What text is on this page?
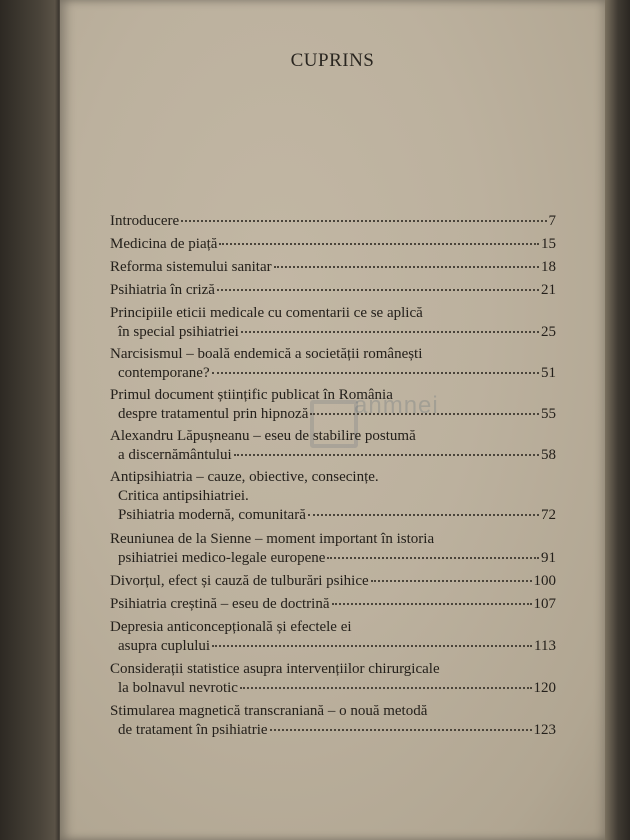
CUPRINS
anmnei
Introducere	7
Medicina de piață	15
Reforma sistemului sanitar	18
Psihiatria în criză	21
Principiile eticii medicale cu comentarii ce se aplică
în special psihiatriei	25
Narcisismul – boală endemică a societății românești
contemporane?	51
Primul document științific publicat în România
despre tratamentul prin hipnoză	55
Alexandru Lăpușneanu – eseu de stabilire postumă
a discernământului	58
Antipsihiatria – cauze, obiective, consecințe.
Critica antipsihiatriei.
Psihiatria modernă, comunitară	72
Reuniunea de la Sienne – moment important în istoria
psihiatriei medico-legale europene	91
Divorțul, efect și cauză de tulburări psihice	100
Psihiatria creștină – eseu de doctrină	107
Depresia anticoncepțională și efectele ei
asupra cuplului	113
Considerații statistice asupra intervențiilor chirurgicale
la bolnavul nevrotic	120
Stimularea magnetică transcraniană – o nouă metodă
de tratament în psihiatrie	123
